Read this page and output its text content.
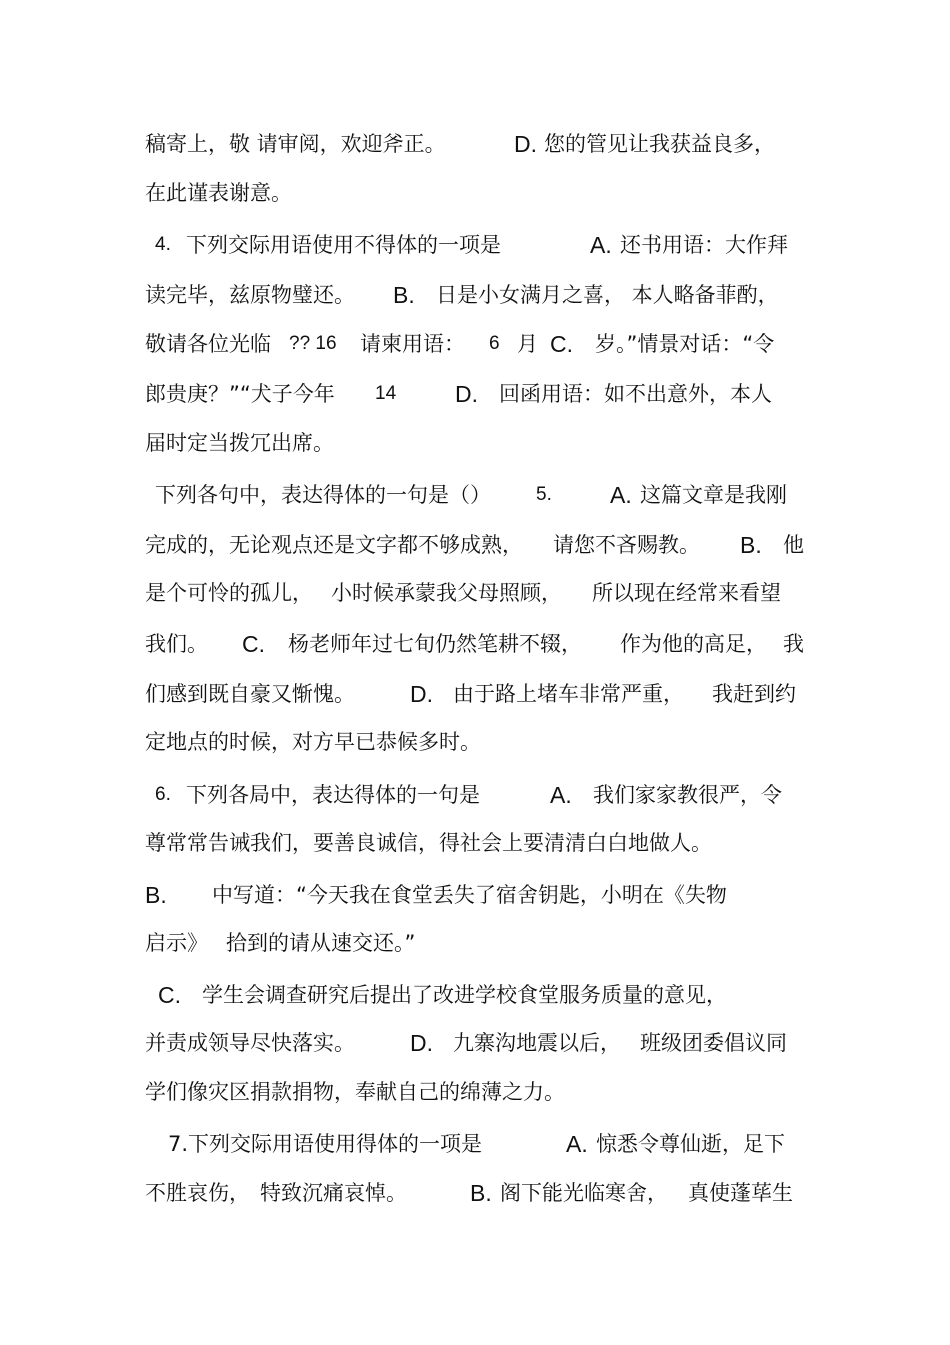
稿寄上，敬 请审阅，欢迎斧正。	D. 您的管见让我获益良多，
在此谨表谢意。
4. 下列交际用语使用不得体的一项是	A. 还书用语：大作拜
读完毕，兹原物璧还。 B. 日是小女满月之喜， 本人略备菲酌，
敬请各位光临 ?? 16 请柬用语： 6 月 C. 岁。”情景对话：“令
郎贵庚？”“犬子今年 14	D. 回函用语：如不出意外，本人
届时定当拨冗出席。
下列各句中，表达得体的一句是（） 5.	A. 这篇文章是我刚
完成的，无论观点还是文字都不够成熟， 请您不吝赐教。 B. 他
是个可怜的孤儿， 小时候承蒙我父母照顾， 所以现在经常来看望
我们。 C. 杨老师年过七旬仍然笔耕不辍， 作为他的高足， 我
们感到既自豪又惭愧。 D. 由于路上堵车非常严重， 我赶到约
定地点的时候，对方早已恭候多时。
6. 下列各局中，表达得体的一句是	A. 我们家家教很严，令
尊常常告诫我们，要善良诚信，得社会上要清清白白地做人。
B. 中写道：“今天我在食堂丢失了宿舍钥匙，小明在《失物
启示》 拾到的请从速交还。”
C. 学生会调查研究后提出了改进学校食堂服务质量的意见，
并责成领导尽快落实。 D. 九寨沟地震以后， 班级团委倡议同
学们像灾区捐款捐物，奉献自己的绵薄之力。
7.下列交际用语使用得体的一项是	A. 惊悉令尊仙逝，足下
不胜哀伤， 特致沉痛哀悼。	B. 阁下能光临寒舍， 真使蓬荜生
